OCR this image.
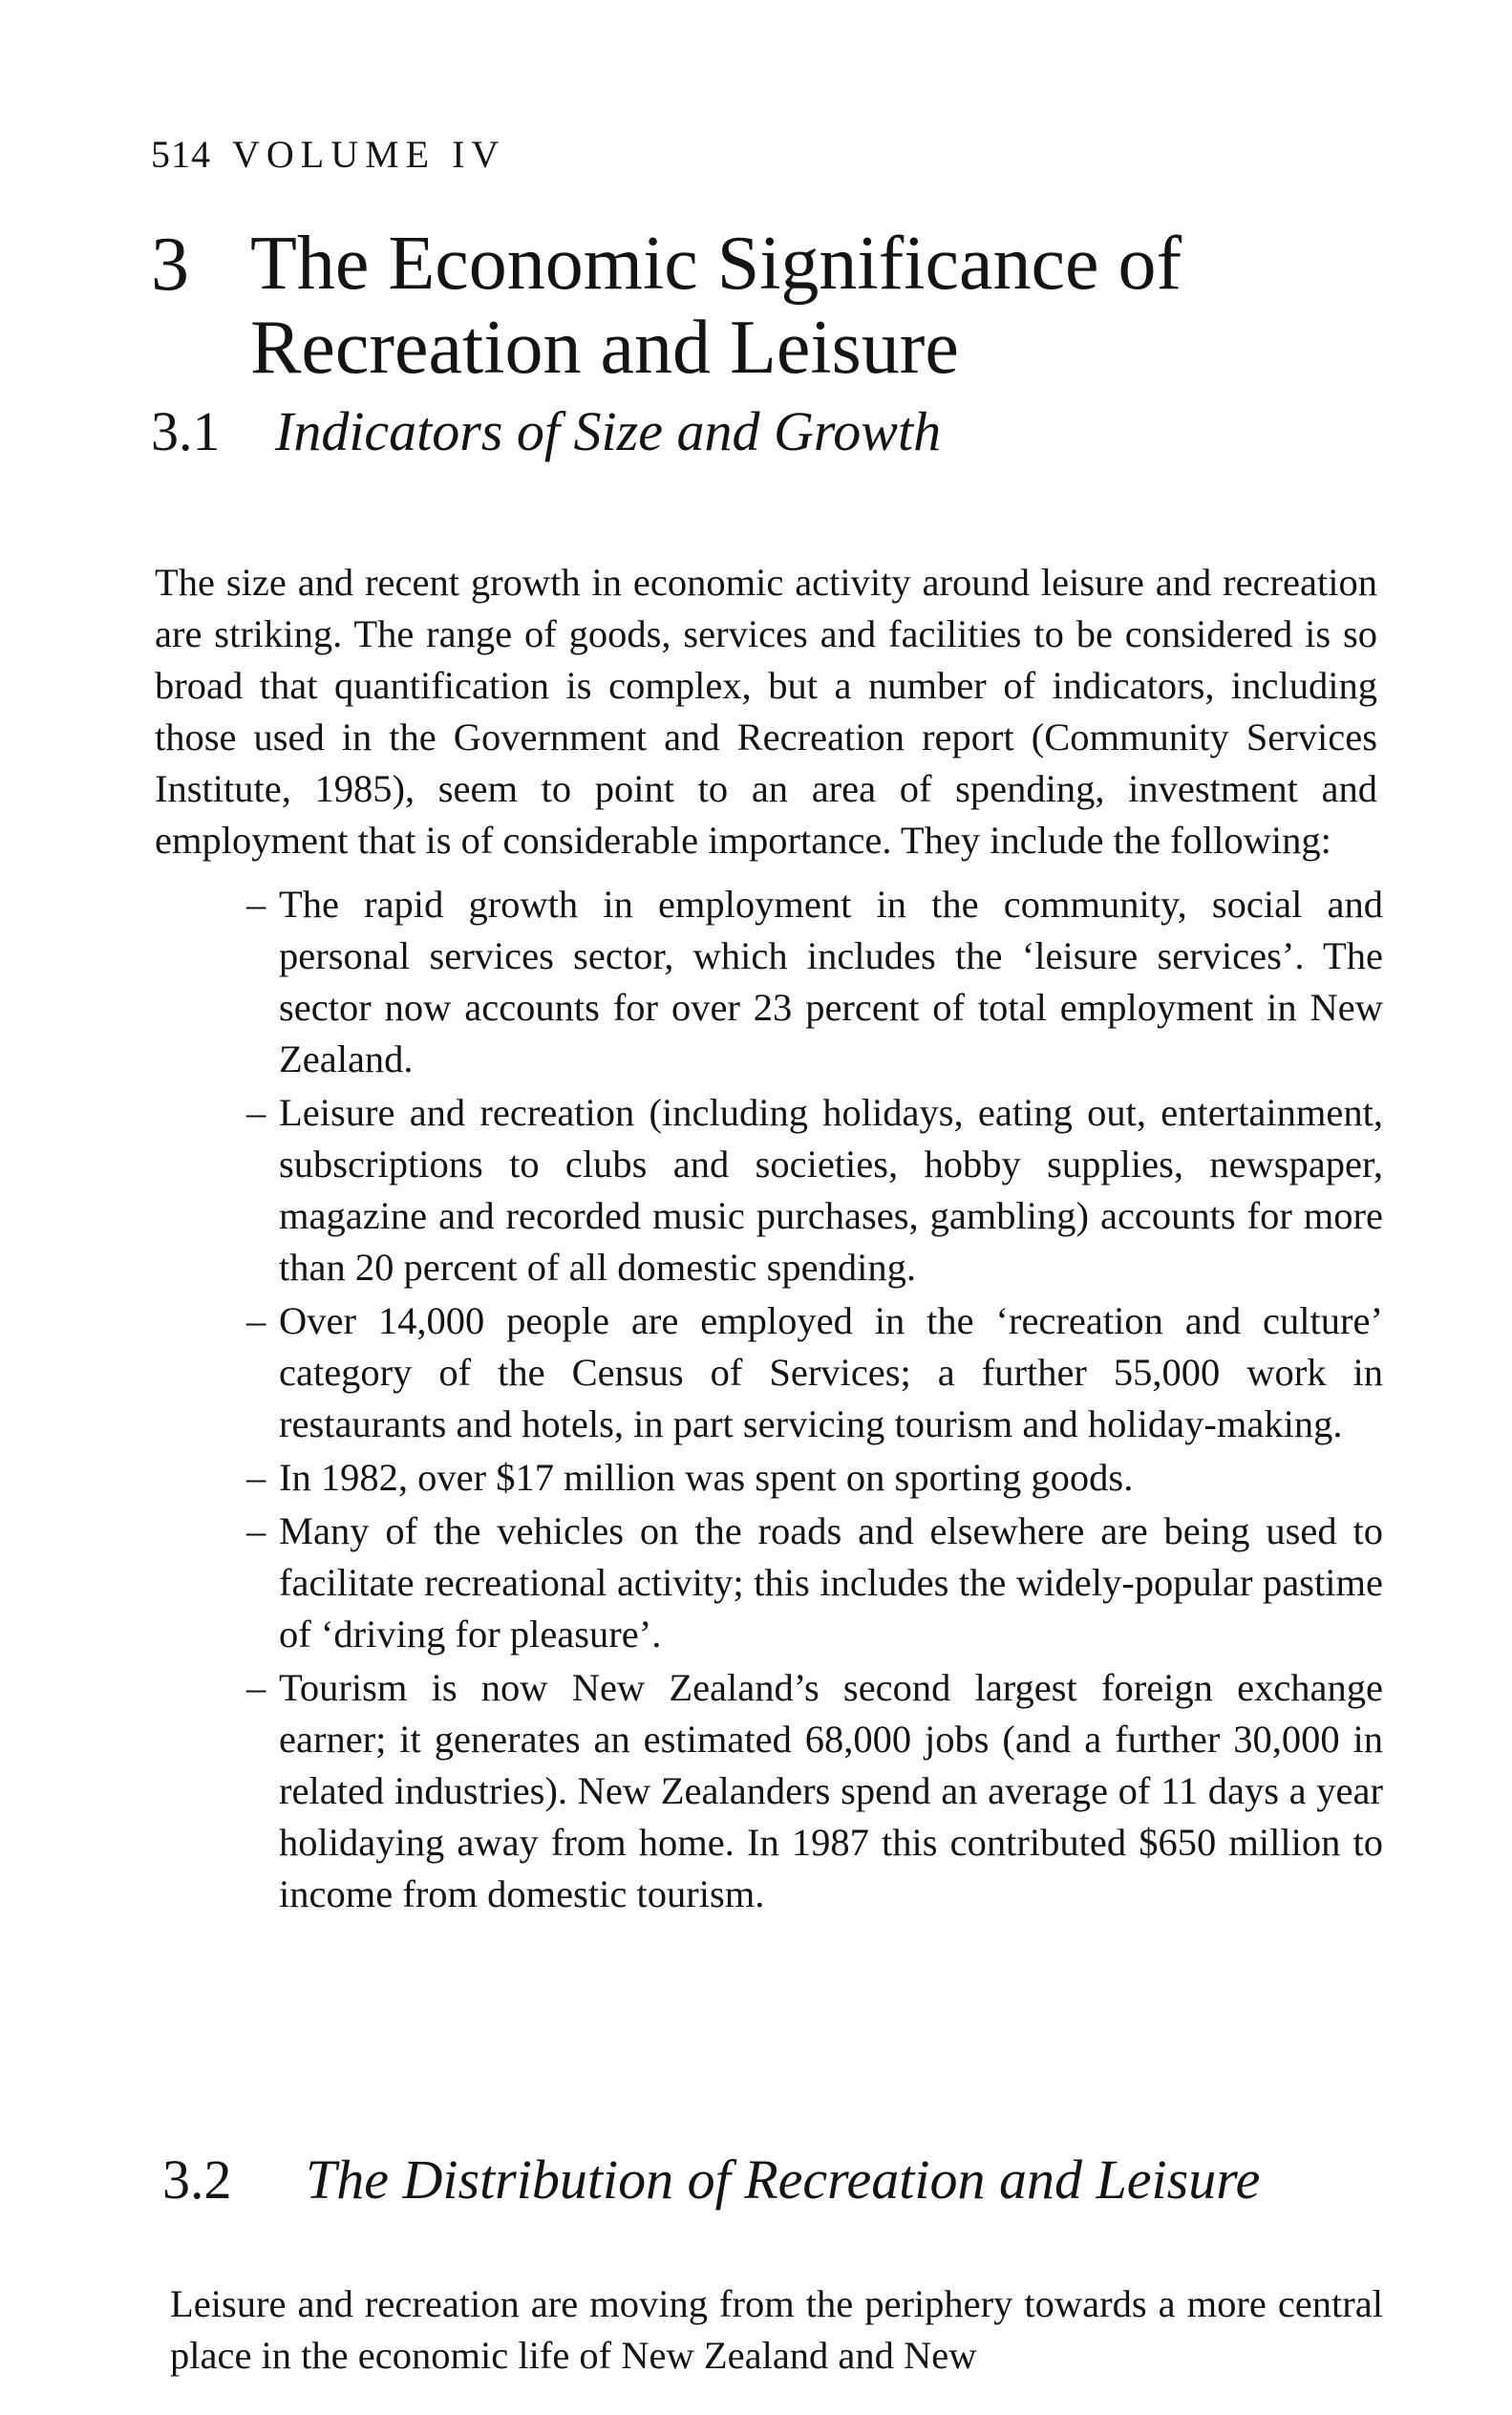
514 VOLUME IV
3 The Economic Significance of Recreation and Leisure
3.1 Indicators of Size and Growth

The size and recent growth in economic activity around leisure and recreation are striking. The range of goods, services and facilities to be considered is so broad that quantification is complex, but a number of indicators, including those used in the Government and Recreation report (Community Services Institute, 1985), seem to point to an area of spending, investment and employment that is of considerable importance. They include the following:

– The rapid growth in employment in the community, social and personal services sector, which includes the ‘leisure services’. The sector now accounts for over 23 percent of total employment in New Zealand.
– Leisure and recreation (including holidays, eating out, entertainment, subscriptions to clubs and societies, hobby supplies, newspaper, magazine and recorded music purchases, gambling) accounts for more than 20 percent of all domestic spending.
– Over 14,000 people are employed in the ‘recreation and culture’ category of the Census of Services; a further 55,000 work in restaurants and hotels, in part servicing tourism and holiday-making.
– In 1982, over $17 million was spent on sporting goods.
– Many of the vehicles on the roads and elsewhere are being used to facilitate recreational activity; this includes the widely-popular pastime of ‘driving for pleasure’.
– Tourism is now New Zealand’s second largest foreign exchange earner; it generates an estimated 68,000 jobs (and a further 30,000 in related industries). New Zealanders spend an average of 11 days a year holidaying away from home. In 1987 this contributed $650 million to income from domestic tourism.
3.2 The Distribution of Recreation and Leisure

Leisure and recreation are moving from the periphery towards a more central place in the economic life of New Zealand and New
